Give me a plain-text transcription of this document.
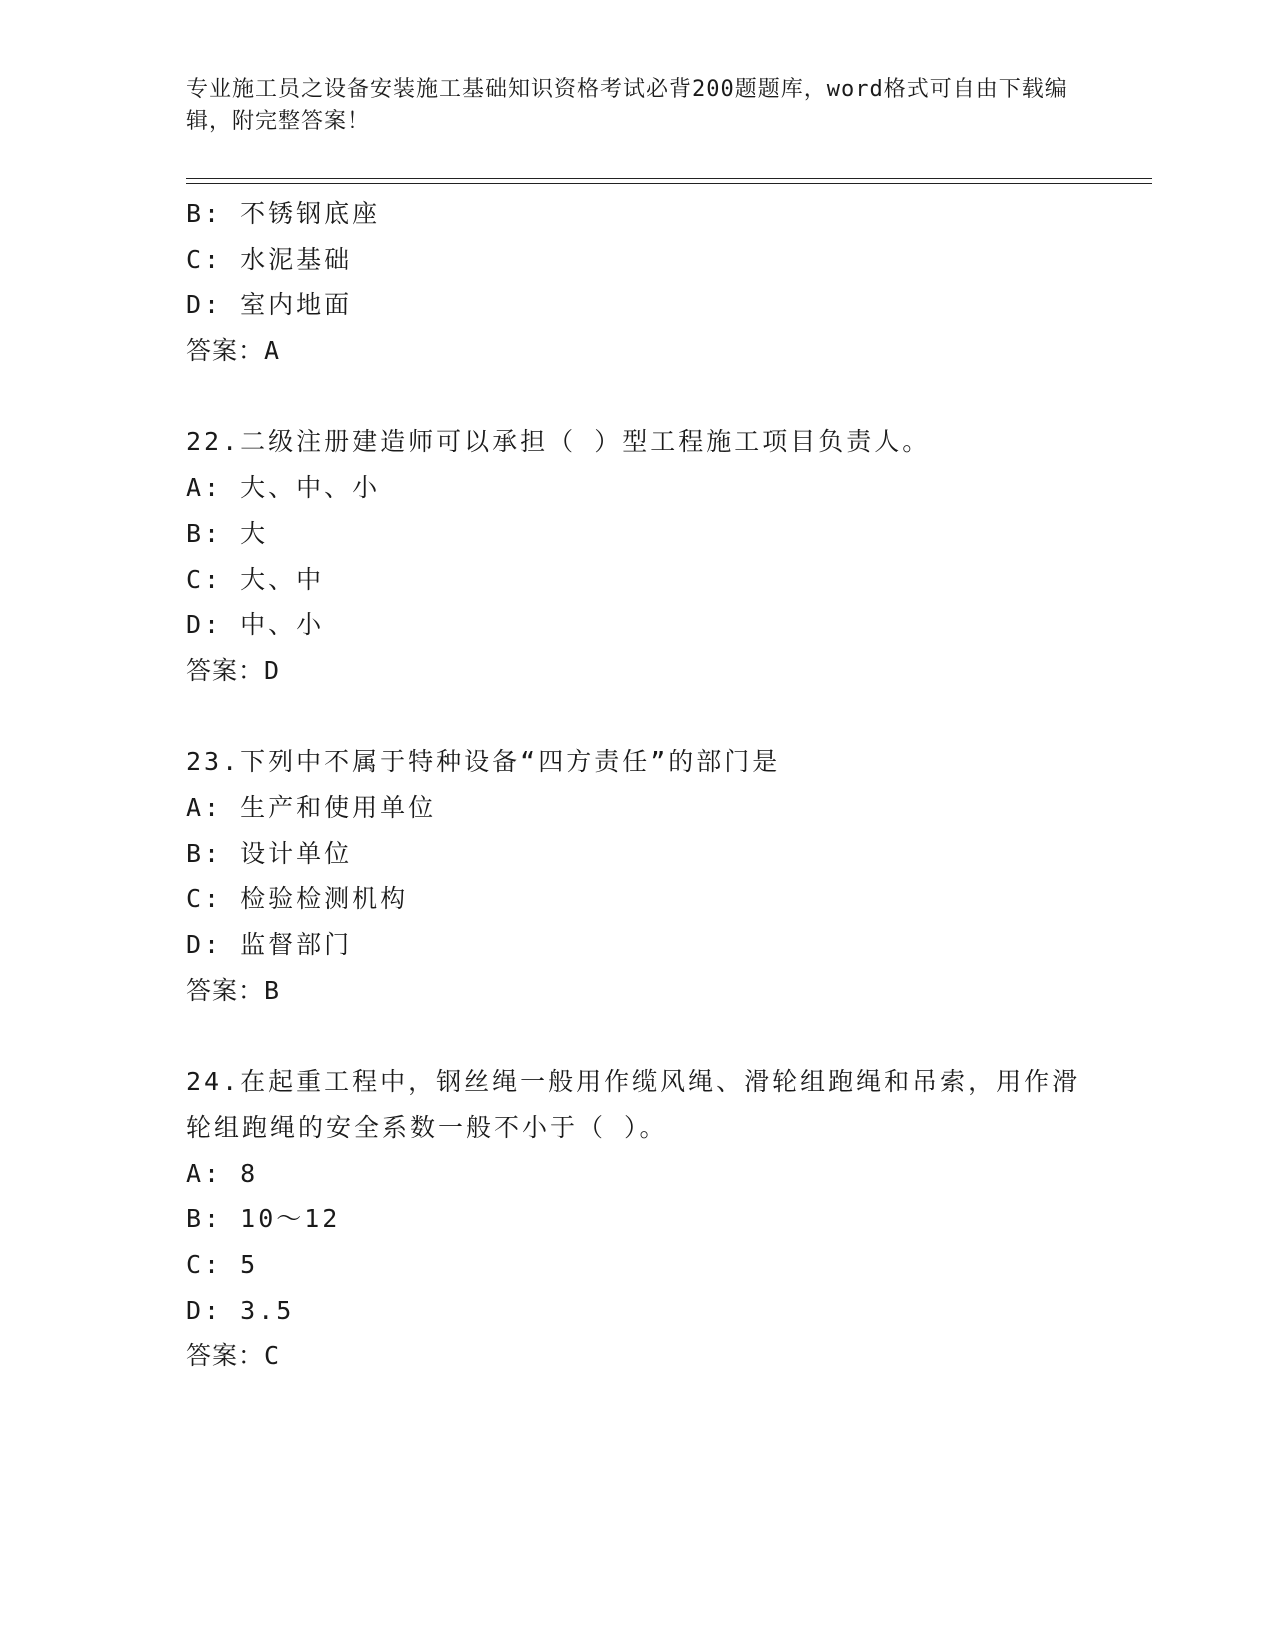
专业施工员之设备安装施工基础知识资格考试必背200题题库，word格式可自由下载编辑，附完整答案！
B: 不锈钢底座
C: 水泥基础
D: 室内地面
答案：A
22.二级注册建造师可以承担（ ）型工程施工项目负责人。
A: 大、中、小
B: 大
C: 大、中
D: 中、小
答案：D
23.下列中不属于特种设备“四方责任”的部门是
A: 生产和使用单位
B: 设计单位
C: 检验检测机构
D: 监督部门
答案：B
24.在起重工程中，钢丝绳一般用作缆风绳、滑轮组跑绳和吊索，用作滑轮组跑绳的安全系数一般不小于（ ）。
A: 8
B: 10～12
C: 5
D: 3.5
答案：C
